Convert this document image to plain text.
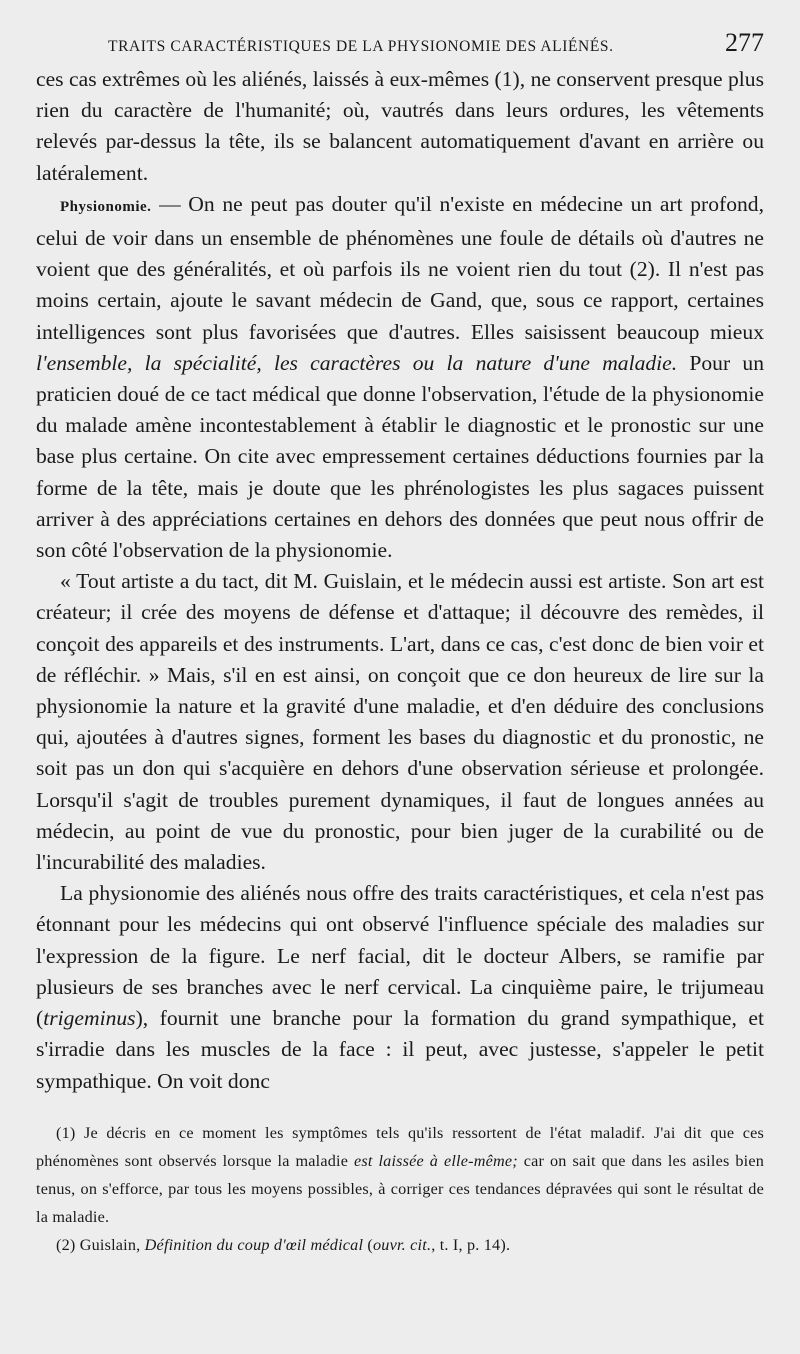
TRAITS CARACTÉRISTIQUES DE LA PHYSIONOMIE DES ALIÉNÉS.	277

ces cas extrêmes où les aliénés, laissés à eux-mêmes (1), ne conservent presque plus rien du caractère de l'humanité; où, vautrés dans leurs ordures, les vêtements relevés par-dessus la tête, ils se balancent automatiquement d'avant en arrière ou latéralement.

Physionomie. — On ne peut pas douter qu'il n'existe en médecine un art profond, celui de voir dans un ensemble de phénomènes une foule de détails où d'autres ne voient que des généralités, et où parfois ils ne voient rien du tout (2). Il n'est pas moins certain, ajoute le savant médecin de Gand, que, sous ce rapport, certaines intelligences sont plus favorisées que d'autres. Elles saisissent beaucoup mieux l'ensemble, la spécialité, les caractères ou la nature d'une maladie. Pour un praticien doué de ce tact médical que donne l'observation, l'étude de la physionomie du malade amène incontestablement à établir le diagnostic et le pronostic sur une base plus certaine. On cite avec empressement certaines déductions fournies par la forme de la tête, mais je doute que les phrénologistes les plus sagaces puissent arriver à des appréciations certaines en dehors des données que peut nous offrir de son côté l'observation de la physionomie.

« Tout artiste a du tact, dit M. Guislain, et le médecin aussi est artiste. Son art est créateur; il crée des moyens de défense et d'attaque; il découvre des remèdes, il conçoit des appareils et des instruments. L'art, dans ce cas, c'est donc de bien voir et de réfléchir. » Mais, s'il en est ainsi, on conçoit que ce don heureux de lire sur la physionomie la nature et la gravité d'une maladie, et d'en déduire des conclusions qui, ajoutées à d'autres signes, forment les bases du diagnostic et du pronostic, ne soit pas un don qui s'acquière en dehors d'une observation sérieuse et prolongée. Lorsqu'il s'agit de troubles purement dynamiques, il faut de longues années au médecin, au point de vue du pronostic, pour bien juger de la curabilité ou de l'incurabilité des maladies.

La physionomie des aliénés nous offre des traits caractéristiques, et cela n'est pas étonnant pour les médecins qui ont observé l'influence spéciale des maladies sur l'expression de la figure. Le nerf facial, dit le docteur Albers, se ramifie par plusieurs de ses branches avec le nerf cervical. La cinquième paire, le trijumeau (trigeminus), fournit une branche pour la formation du grand sympathique, et s'irradie dans les muscles de la face : il peut, avec justesse, s'appeler le petit sympathique. On voit donc

(1) Je décris en ce moment les symptômes tels qu'ils ressortent de l'état maladif. J'ai dit que ces phénomènes sont observés lorsque la maladie est laissée à elle-même; car on sait que dans les asiles bien tenus, on s'efforce, par tous les moyens possibles, à corriger ces tendances dépravées qui sont le résultat de la maladie.

(2) Guislain, Définition du coup d'œil médical (ouvr. cit., t. I, p. 14).
